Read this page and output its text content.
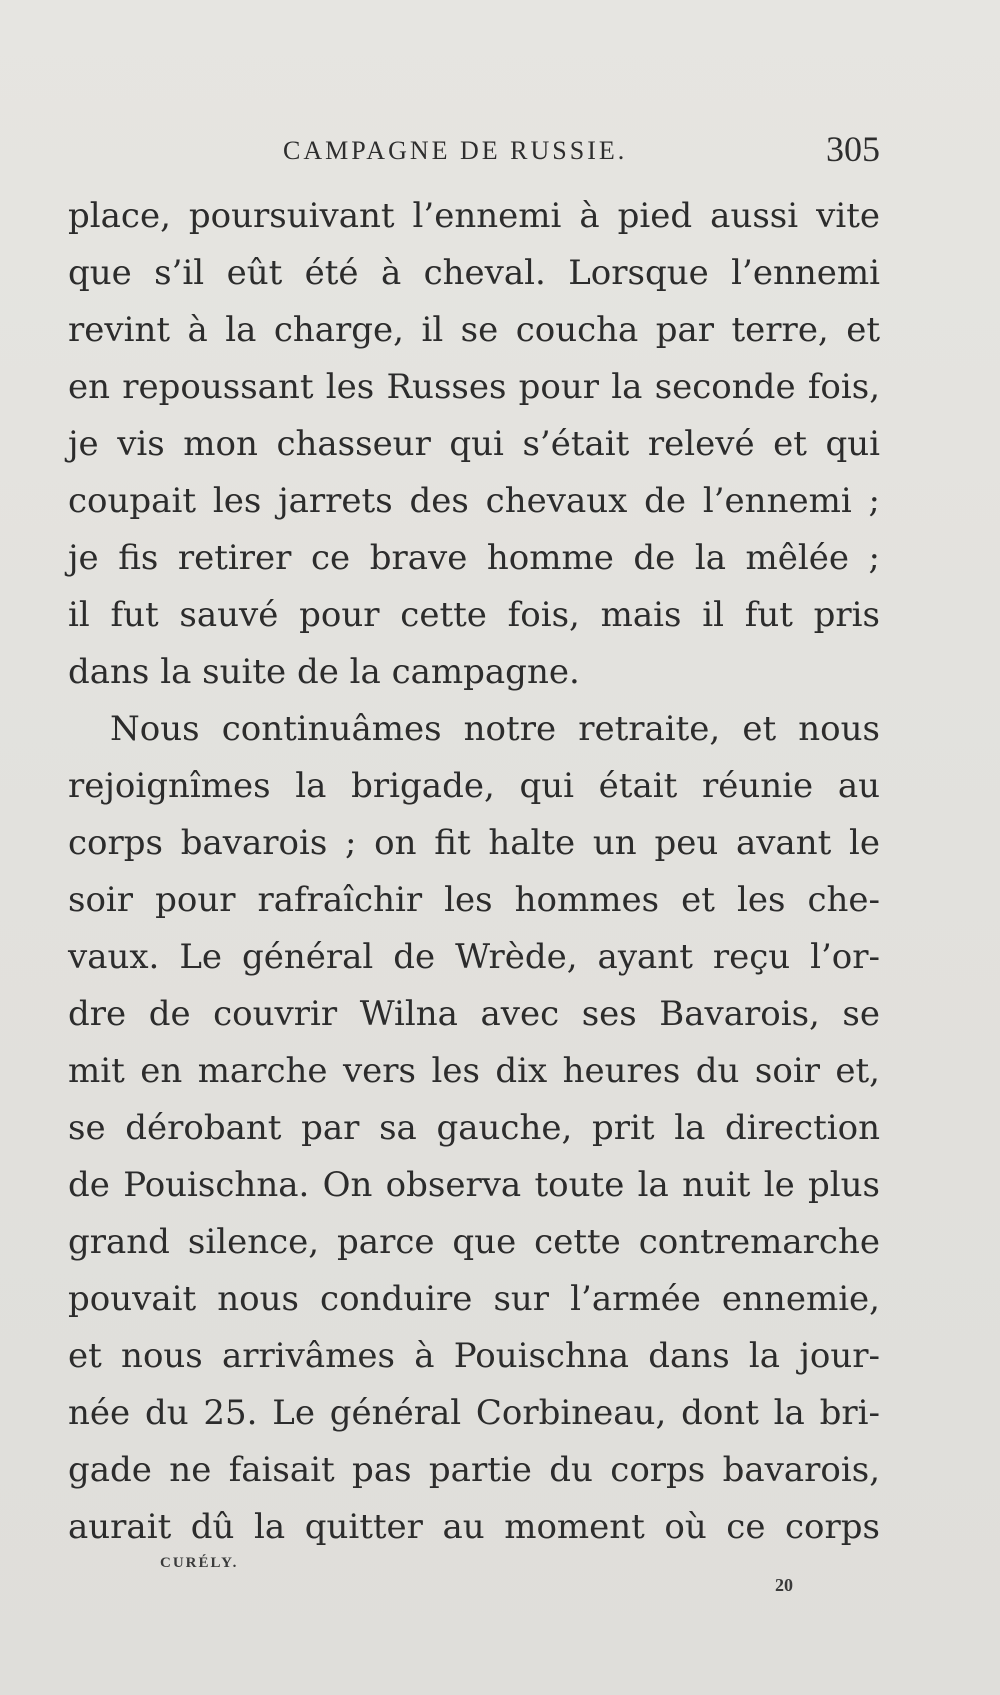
CAMPAGNE DE RUSSIE.	305
place, poursuivant l’ennemi à pied aussi vite
que s’il eût été à cheval. Lorsque l’ennemi
revint à la charge, il se coucha par terre, et
en repoussant les Russes pour la seconde fois,
je vis mon chasseur qui s’était relevé et qui
coupait les jarrets des chevaux de l’ennemi ;
je fis retirer ce brave homme de la mêlée ;
il fut sauvé pour cette fois, mais il fut pris
dans la suite de la campagne.
Nous continuâmes notre retraite, et nous
rejoignîmes la brigade, qui était réunie au
corps bavarois ; on fit halte un peu avant le
soir pour rafraîchir les hommes et les che-
vaux. Le général de Wrède, ayant reçu l’or-
dre de couvrir Wilna avec ses Bavarois, se
mit en marche vers les dix heures du soir et,
se dérobant par sa gauche, prit la direction
de Pouischna. On observa toute la nuit le plus
grand silence, parce que cette contremarche
pouvait nous conduire sur l’armée ennemie,
et nous arrivâmes à Pouischna dans la jour-
née du 25. Le général Corbineau, dont la bri-
gade ne faisait pas partie du corps bavarois,
aurait dû la quitter au moment où ce corps
CURÉLY.
20
